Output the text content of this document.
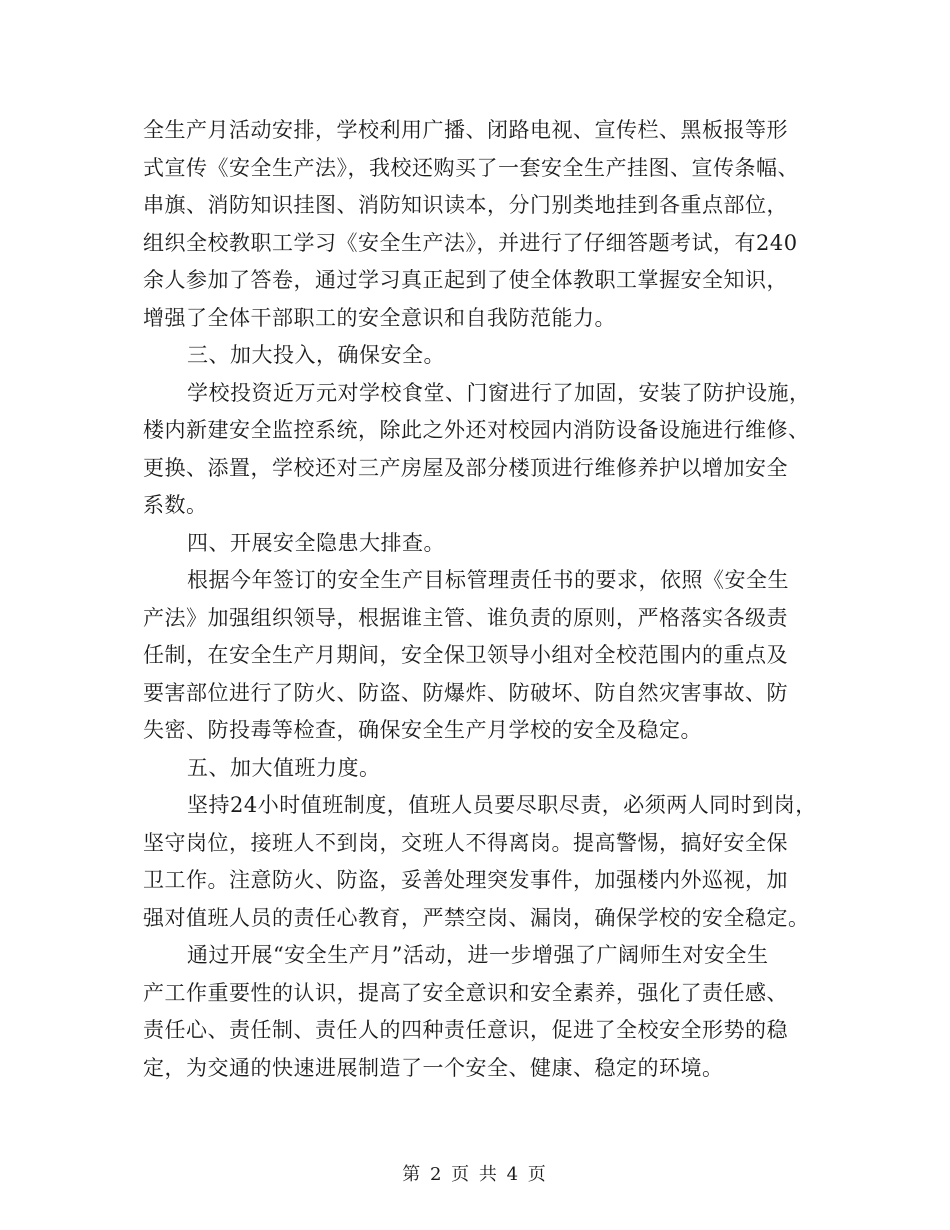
全生产月活动安排，学校利用广播、闭路电视、宣传栏、黑板报等形
式宣传《安全生产法》，我校还购买了一套安全生产挂图、宣传条幅、
串旗、消防知识挂图、消防知识读本，分门别类地挂到各重点部位，
组织全校教职工学习《安全生产法》，并进行了仔细答题考试，有240
余人参加了答卷，通过学习真正起到了使全体教职工掌握安全知识，
增强了全体干部职工的安全意识和自我防范能力。
三、加大投入，确保安全。
学校投资近万元对学校食堂、门窗进行了加固，安装了防护设施，
楼内新建安全监控系统，除此之外还对校园内消防设备设施进行维修、
更换、添置，学校还对三产房屋及部分楼顶进行维修养护以增加安全
系数。
四、开展安全隐患大排查。
根据今年签订的安全生产目标管理责任书的要求，依照《安全生
产法》加强组织领导，根据谁主管、谁负责的原则，严格落实各级责
任制，在安全生产月期间，安全保卫领导小组对全校范围内的重点及
要害部位进行了防火、防盗、防爆炸、防破坏、防自然灾害事故、防
失密、防投毒等检查，确保安全生产月学校的安全及稳定。
五、加大值班力度。
坚持24小时值班制度，值班人员要尽职尽责，必须两人同时到岗，
坚守岗位，接班人不到岗，交班人不得离岗。提高警惕，搞好安全保
卫工作。注意防火、防盗，妥善处理突发事件，加强楼内外巡视，加
强对值班人员的责任心教育，严禁空岗、漏岗，确保学校的安全稳定。
通过开展“安全生产月”活动，进一步增强了广阔师生对安全生
产工作重要性的认识，提高了安全意识和安全素养，强化了责任感、
责任心、责任制、责任人的四种责任意识，促进了全校安全形势的稳
定，为交通的快速进展制造了一个安全、健康、稳定的环境。
第 2 页 共 4 页
